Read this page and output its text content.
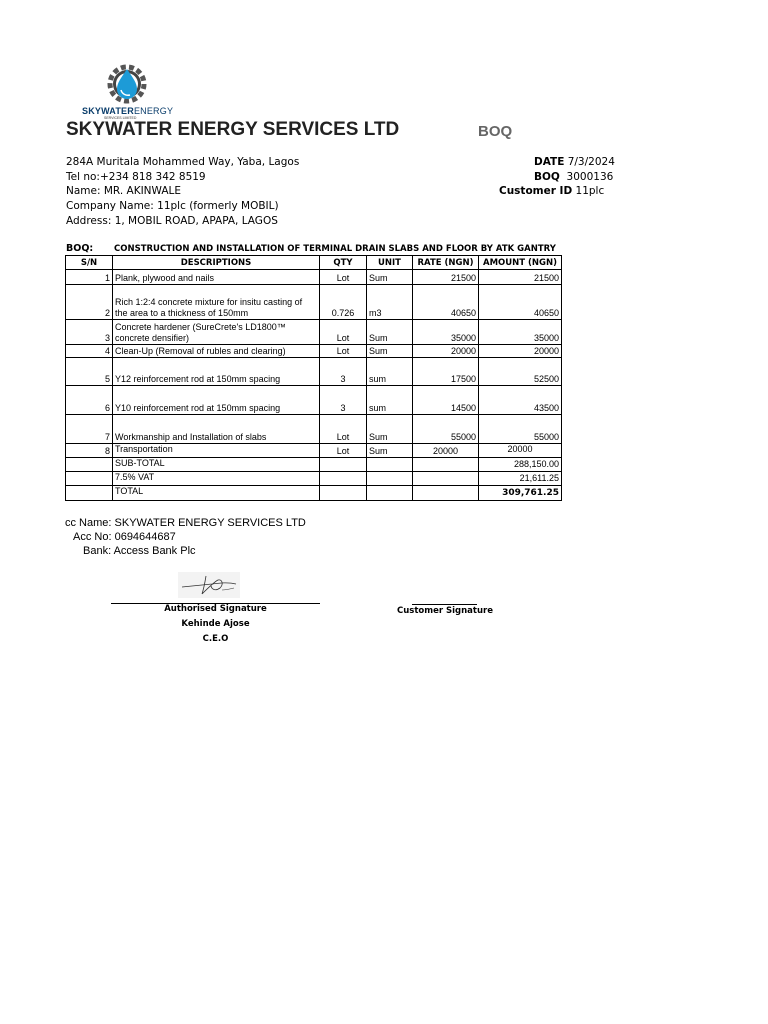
SKYWATERENERGY
SERVICES LIMITED
SKYWATER ENERGY SERVICES LTD	BOQ
284A Muritala Mohammed Way, Yaba, Lagos
Tel no:+234 818 342 8519
Name: MR. AKINWALE
Company Name: 11plc (formerly MOBIL)
Address: 1, MOBIL ROAD, APAPA, LAGOS
DATE 7/3/2024
BOQ 3000136
Customer ID 11plc
BOQ: CONSTRUCTION AND INSTALLATION OF TERMINAL DRAIN SLABS AND FLOOR BY ATK GANTRY
S/N	DESCRIPTIONS	QTY	UNIT	RATE (NGN)	AMOUNT (NGN)
1	Plank, plywood and nails	Lot	Sum	21500	21500
2	Rich 1:2:4 concrete mixture for insitu casting of the area to a thickness of 150mm	0.726	m3	40650	40650
3	Concrete hardener (SureCrete's LD1800™ concrete densifier)	Lot	Sum	35000	35000
4	Clean-Up (Removal of rubles and clearing)	Lot	Sum	20000	20000
5	Y12 reinforcement rod at 150mm spacing	3	sum	17500	52500
6	Y10 reinforcement rod at 150mm spacing	3	sum	14500	43500
7	Workmanship and Installation of slabs	Lot	Sum	55000	55000
8	Transportation	Lot	Sum	20000	20000
	SUB-TOTAL				288,150.00
	7.5% VAT				21,611.25
	TOTAL				309,761.25
cc Name: SKYWATER ENERGY SERVICES LTD
Acc No: 0694644687
Bank: Access Bank Plc
Authorised Signature
Kehinde Ajose
C.E.O
Customer Signature
